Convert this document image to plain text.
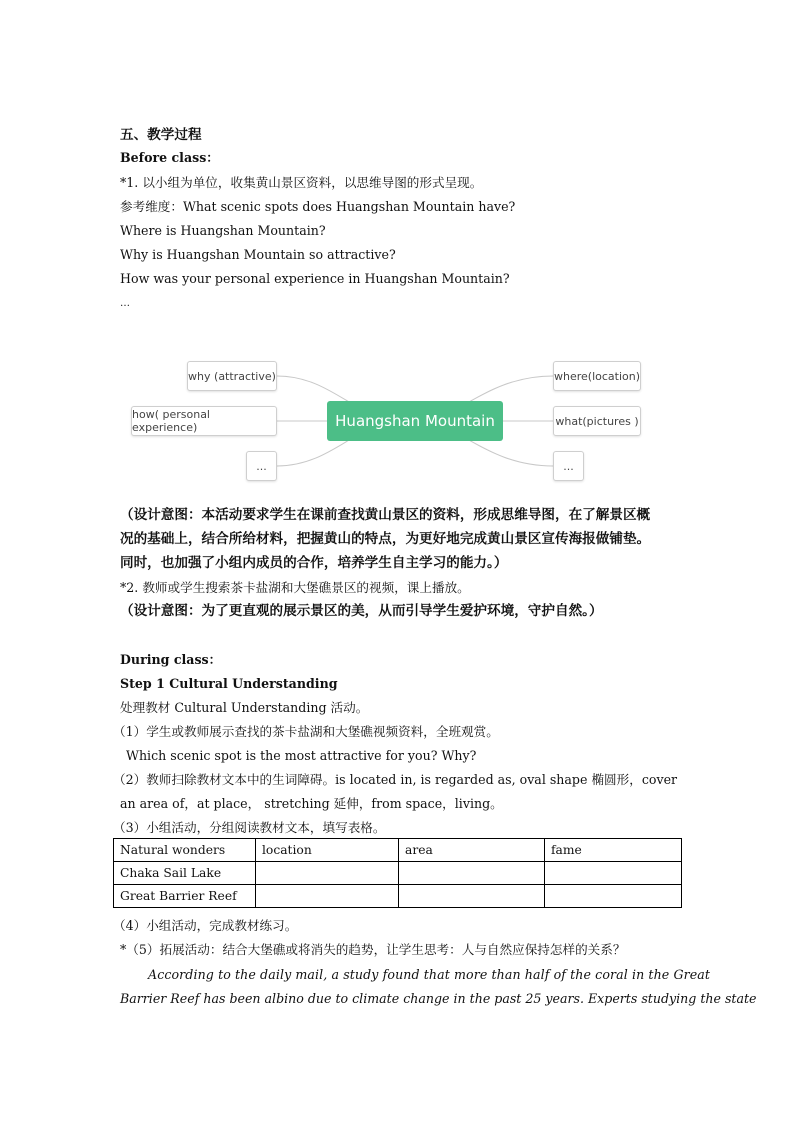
五、教学过程
Before class：
*1. 以小组为单位，收集黄山景区资料，以思维导图的形式呈现。
参考维度：What scenic spots does Huangshan Mountain have?
Where is Huangshan Mountain?
Why is Huangshan Mountain so attractive?
How was your personal experience in Huangshan Mountain?
…
Huangshan Mountain
why (attractive)
how( personal experience)
...
where(location)
what(pictures )
...
（设计意图：本活动要求学生在课前查找黄山景区的资料，形成思维导图，在了解景区概
况的基础上，结合所给材料，把握黄山的特点，为更好地完成黄山景区宣传海报做铺垫。
同时，也加强了小组内成员的合作，培养学生自主学习的能力。）
*2. 教师或学生搜索茶卡盐湖和大堡礁景区的视频，课上播放。
（设计意图：为了更直观的展示景区的美，从而引导学生爱护环境，守护自然。）
During class：
Step 1 Cultural Understanding
处理教材 Cultural Understanding 活动。
（1）学生或教师展示查找的茶卡盐湖和大堡礁视频资料，全班观赏。
Which scenic spot is the most attractive for you? Why?
（2）教师扫除教材文本中的生词障碍。is located in, is regarded as, oval shape 椭圆形，cover
an area of，at place， stretching 延伸，from space，living。
（3）小组活动，分组阅读教材文本，填写表格。
Natural wonders	location	area	fame
Chaka Sail Lake			
Great Barrier Reef			
（4）小组活动，完成教材练习。
*（5）拓展活动：结合大堡礁或将消失的趋势，让学生思考：人与自然应保持怎样的关系？
According to the daily mail, a study found that more than half of the coral in the Great
Barrier Reef has been albino due to climate change in the past 25 years. Experts studying the state
